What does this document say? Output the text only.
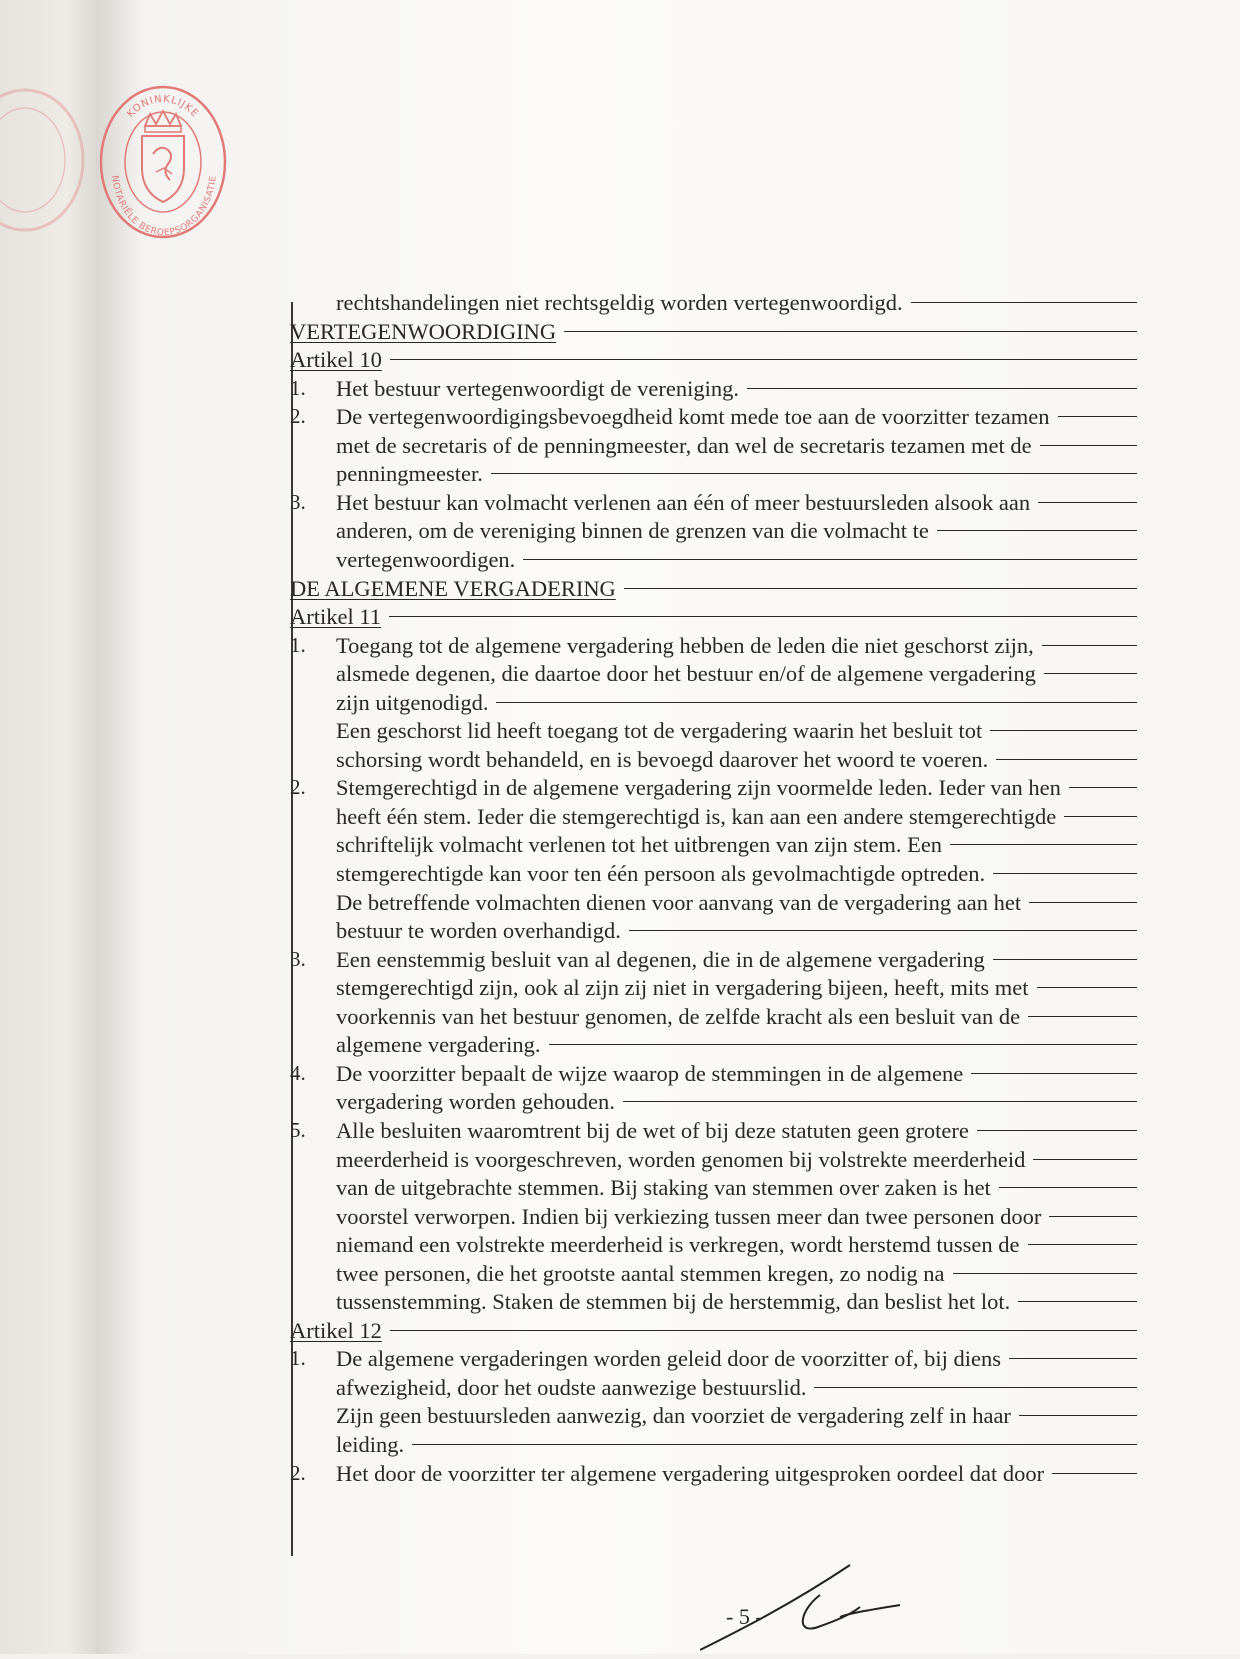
KONINKLIJKE
NOTARIËLE BEROEPSORGANISATIE
rechtshandelingen niet rechtsgeldig worden vertegenwoordigd.
VERTEGENWOORDIGING
Artikel 10
1. Het bestuur vertegenwoordigt de vereniging.
2. De vertegenwoordigingsbevoegdheid komt mede toe aan de voorzitter tezamen
met de secretaris of de penningmeester, dan wel de secretaris tezamen met de
penningmeester.
3. Het bestuur kan volmacht verlenen aan één of meer bestuursleden alsook aan
anderen, om de vereniging binnen de grenzen van die volmacht te
vertegenwoordigen.
DE ALGEMENE VERGADERING
Artikel 11
1. Toegang tot de algemene vergadering hebben de leden die niet geschorst zijn,
alsmede degenen, die daartoe door het bestuur en/of de algemene vergadering
zijn uitgenodigd.
Een geschorst lid heeft toegang tot de vergadering waarin het besluit tot
schorsing wordt behandeld, en is bevoegd daarover het woord te voeren.
2. Stemgerechtigd in de algemene vergadering zijn voormelde leden. Ieder van hen
heeft één stem. Ieder die stemgerechtigd is, kan aan een andere stemgerechtigde
schriftelijk volmacht verlenen tot het uitbrengen van zijn stem. Een
stemgerechtigde kan voor ten één persoon als gevolmachtigde optreden.
De betreffende volmachten dienen voor aanvang van de vergadering aan het
bestuur te worden overhandigd.
3. Een eenstemmig besluit van al degenen, die in de algemene vergadering
stemgerechtigd zijn, ook al zijn zij niet in vergadering bijeen, heeft, mits met
voorkennis van het bestuur genomen, de zelfde kracht als een besluit van de
algemene vergadering.
4. De voorzitter bepaalt de wijze waarop de stemmingen in de algemene
vergadering worden gehouden.
5. Alle besluiten waaromtrent bij de wet of bij deze statuten geen grotere
meerderheid is voorgeschreven, worden genomen bij volstrekte meerderheid
van de uitgebrachte stemmen. Bij staking van stemmen over zaken is het
voorstel verworpen. Indien bij verkiezing tussen meer dan twee personen door
niemand een volstrekte meerderheid is verkregen, wordt herstemd tussen de
twee personen, die het grootste aantal stemmen kregen, zo nodig na
tussenstemming. Staken de stemmen bij de herstemmig, dan beslist het lot.
Artikel 12
1. De algemene vergaderingen worden geleid door de voorzitter of, bij diens
afwezigheid, door het oudste aanwezige bestuurslid.
Zijn geen bestuursleden aanwezig, dan voorziet de vergadering zelf in haar
leiding.
2. Het door de voorzitter ter algemene vergadering uitgesproken oordeel dat door
- 5 -
